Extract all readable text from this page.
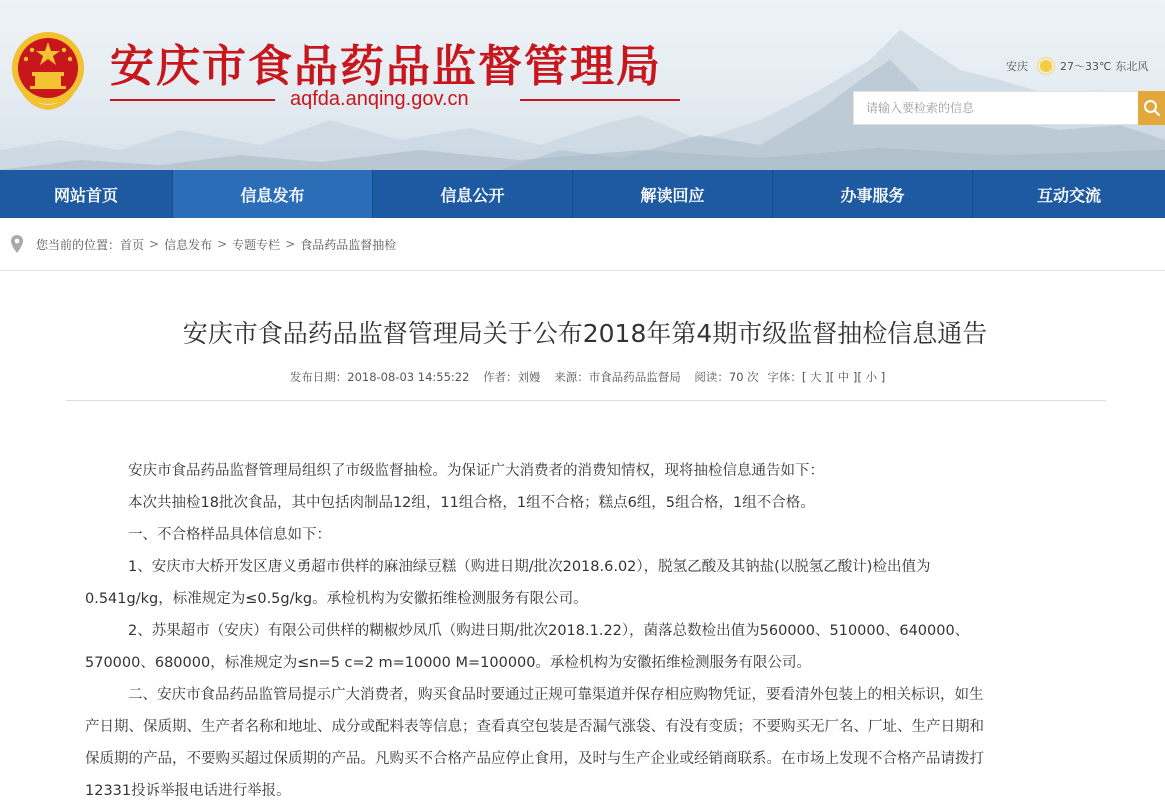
安庆市食品药品监督管理局
aqfda.anqing.gov.cn
安庆	27～33℃ 东北风
请输入要检索的信息
网站首页	信息发布	信息公开	解读回应	办事服务	互动交流
您当前的位置： 首页 > 信息发布 > 专题专栏 > 食品药品监督抽检
安庆市食品药品监督管理局关于公布2018年第4期市级监督抽检信息通告
发布日期：2018-08-03 14:55:22 作者：刘嫚 来源：市食品药品监督局 阅读：70 次 字体：[ 大 ][ 中 ][ 小 ]

安庆市食品药品监督管理局组织了市级监督抽检。为保证广大消费者的消费知情权，现将抽检信息通告如下：

本次共抽检18批次食品，其中包括肉制品12组，11组合格，1组不合格；糕点6组，5组合格，1组不合格。

一、不合格样品具体信息如下：

1、安庆市大桥开发区唐义勇超市供样的麻油绿豆糕（购进日期/批次2018.6.02），脱氢乙酸及其钠盐(以脱氢乙酸计)检出值为

0.541g/kg，标准规定为≤0.5g/kg。承检机构为安徽拓维检测服务有限公司。

2、苏果超市（安庆）有限公司供样的糊椒炒凤爪（购进日期/批次2018.1.22），菌落总数检出值为560000、510000、640000、

570000、680000，标准规定为≤n=5 c=2 m=10000 M=100000。承检机构为安徽拓维检测服务有限公司。

二、安庆市食品药品监管局提示广大消费者，购买食品时要通过正规可靠渠道并保存相应购物凭证，要看清外包装上的相关标识，如生

产日期、保质期、生产者名称和地址、成分或配料表等信息；查看真空包装是否漏气涨袋、有没有变质；不要购买无厂名、厂址、生产日期和

保质期的产品，不要购买超过保质期的产品。凡购买不合格产品应停止食用，及时与生产企业或经销商联系。在市场上发现不合格产品请拨打

12331投诉举报电话进行举报。
